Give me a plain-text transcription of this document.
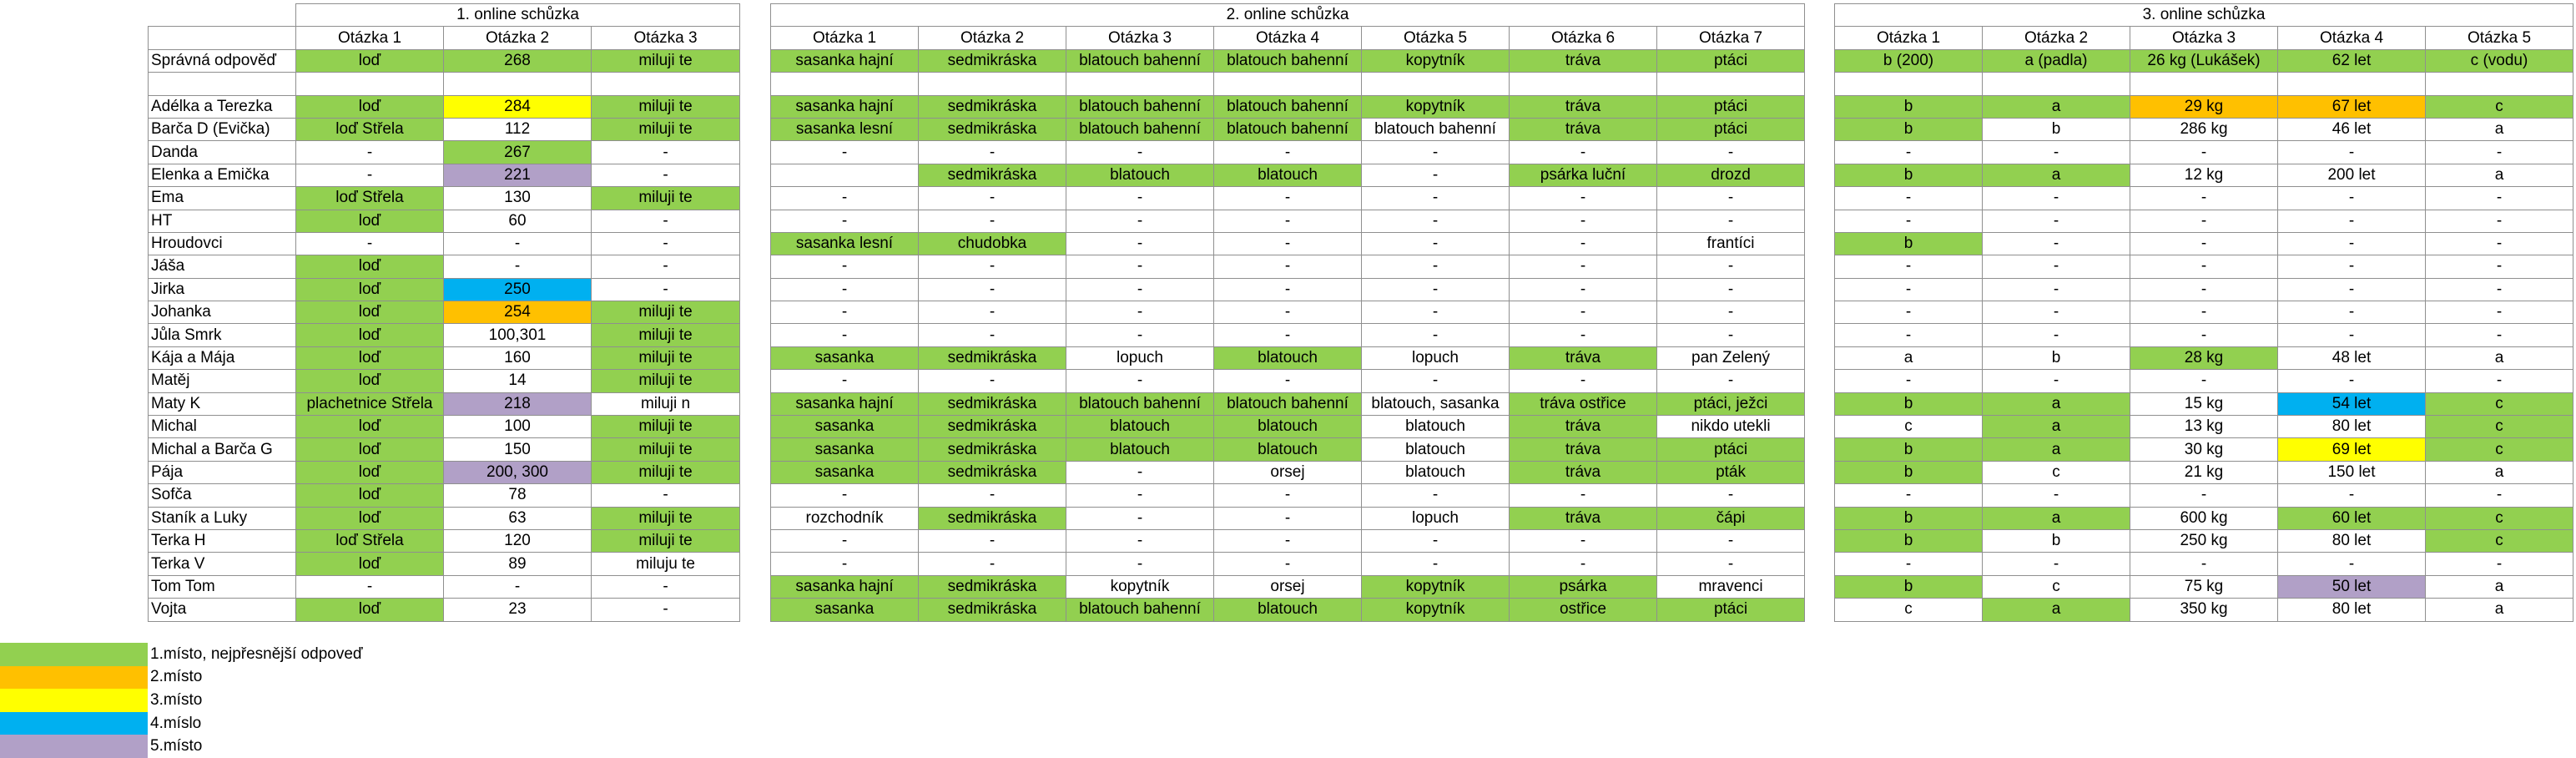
	1. online schůzka		
	Otázka 1	Otázka 2	Otázka 3
Správná odpověď	loď	268	miluji te

Adélka a Terezka	loď	284	miluji te
Barča D (Evička)	loď Střela	112	miluji te
Danda	-	267	-
Elenka a Emička	-	221	-
Ema	loď Střela	130	miluji te
HT	loď	60	-
Hroudovci	-	-	-
Jáša	loď	-	-
Jirka	loď	250	-
Johanka	loď	254	miluji te
Jůla Smrk	loď	100,301	miluji te
Kája a Mája	loď	160	miluji te
Matěj	loď	14	miluji te
Maty K	plachetnice Střela	218	miluji n
Michal	loď	100	miluji te
Michal a Barča G	loď	150	miluji te
Pája	loď	200, 300	miluji te
Sofča	loď	78	-
Staník a Luky	loď	63	miluji te
Terka H	loď Střela	120	miluji te
Terka V	loď	89	miluju te
Tom Tom	-	-	-
Vojta	loď	23	-
2. online schůzka						
Otázka 1	Otázka 2	Otázka 3	Otázka 4	Otázka 5	Otázka 6	Otázka 7
sasanka hajní	sedmikráska	blatouch bahenní	blatouch bahenní	kopytník	tráva	ptáci

sasanka hajní	sedmikráska	blatouch bahenní	blatouch bahenní	kopytník	tráva	ptáci
sasanka lesní	sedmikráska	blatouch bahenní	blatouch bahenní	blatouch bahenní	tráva	ptáci
-	-	-	-	-	-	-
	sedmikráska	blatouch	blatouch	-	psárka luční	drozd
-	-	-	-	-	-	-
-	-	-	-	-	-	-
sasanka lesní	chudobka	-	-	-	-	frantíci
-	-	-	-	-	-	-
-	-	-	-	-	-	-
-	-	-	-	-	-	-
-	-	-	-	-	-	-
sasanka	sedmikráska	lopuch	blatouch	lopuch	tráva	pan Zelený
-	-	-	-	-	-	-
sasanka hajní	sedmikráska	blatouch bahenní	blatouch bahenní	blatouch, sasanka	tráva ostřice	ptáci, ježci
sasanka	sedmikráska	blatouch	blatouch	blatouch	tráva	nikdo utekli
sasanka	sedmikráska	blatouch	blatouch	blatouch	tráva	ptáci
sasanka	sedmikráska	-	orsej	blatouch	tráva	pták
-	-	-	-	-	-	-
rozchodník	sedmikráska	-	-	lopuch	tráva	čápi
-	-	-	-	-	-	-
-	-	-	-	-	-	-
sasanka hajní	sedmikráska	kopytník	orsej	kopytník	psárka	mravenci
sasanka	sedmikráska	blatouch bahenní	blatouch	kopytník	ostřice	ptáci
3. online schůzka				
Otázka 1	Otázka 2	Otázka 3	Otázka 4	Otázka 5
b (200)	a (padla)	26 kg (Lukášek)	62 let	c (vodu)

b	a	29 kg	67 let	c
b	b	286 kg	46 let	a
-	-	-	-	-
b	a	12 kg	200 let	a
-	-	-	-	-
-	-	-	-	-
b	-	-	-	-
-	-	-	-	-
-	-	-	-	-
-	-	-	-	-
-	-	-	-	-
a	b	28 kg	48 let	a
-	-	-	-	-
b	a	15 kg	54 let	c
c	a	13 kg	80 let	c
b	a	30 kg	69 let	c
b	c	21 kg	150 let	a
-	-	-	-	-
b	a	600 kg	60 let	c
b	b	250 kg	80 let	c
-	-	-	-	-
b	c	75 kg	50 let	a
c	a	350 kg	80 let	a
1.místo, nejpřesnější odpoveď
2.místo
3.místo
4.míslo
5.místo
